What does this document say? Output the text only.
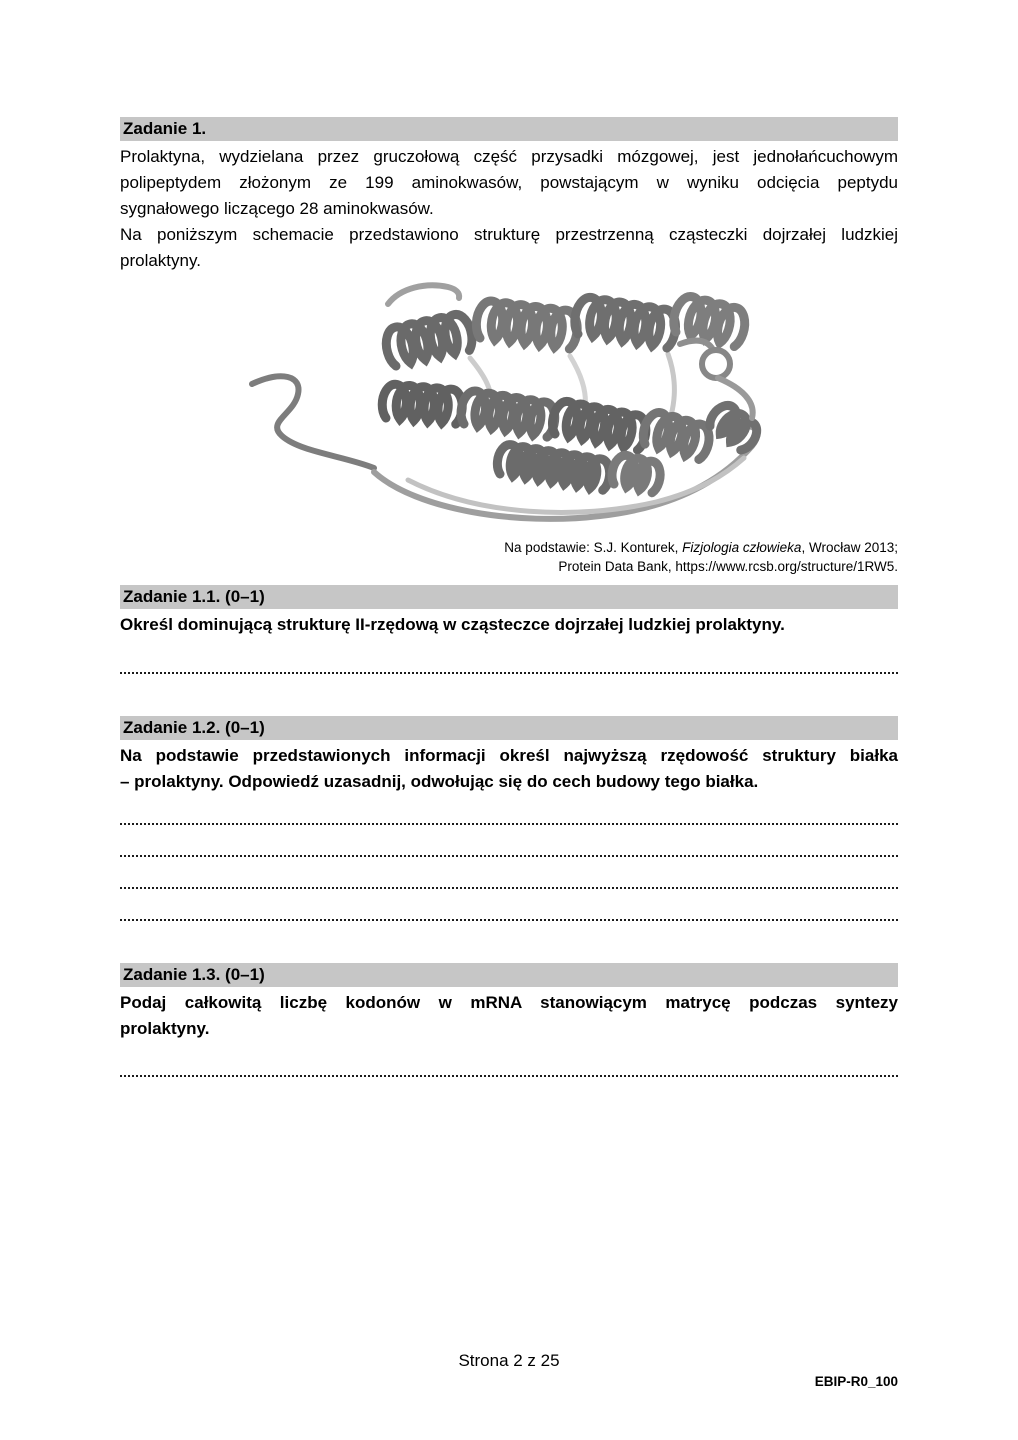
Zadanie 1.
Prolaktyna, wydzielana przez gruczołową część przysadki mózgowej, jest jednołańcuchowym
polipeptydem złożonym ze 199 aminokwasów, powstającym w wyniku odcięcia peptydu
sygnałowego liczącego 28 aminokwasów.
Na poniższym schemacie przedstawiono strukturę przestrzenną cząsteczki dojrzałej ludzkiej
prolaktyny.
Na podstawie: S.J. Konturek, Fizjologia człowieka, Wrocław 2013;
Protein Data Bank, https://www.rcsb.org/structure/1RW5.
Zadanie 1.1. (0–1)
Określ dominującą strukturę II-rzędową w cząsteczce dojrzałej ludzkiej prolaktyny.
Zadanie 1.2. (0–1)
Na podstawie przedstawionych informacji określ najwyższą rzędowość struktury białka
– prolaktyny. Odpowiedź uzasadnij, odwołując się do cech budowy tego białka.
Zadanie 1.3. (0–1)
Podaj całkowitą liczbę kodonów w mRNA stanowiącym matrycę podczas syntezy
prolaktyny.
Strona 2 z 25
EBIP-R0_100
